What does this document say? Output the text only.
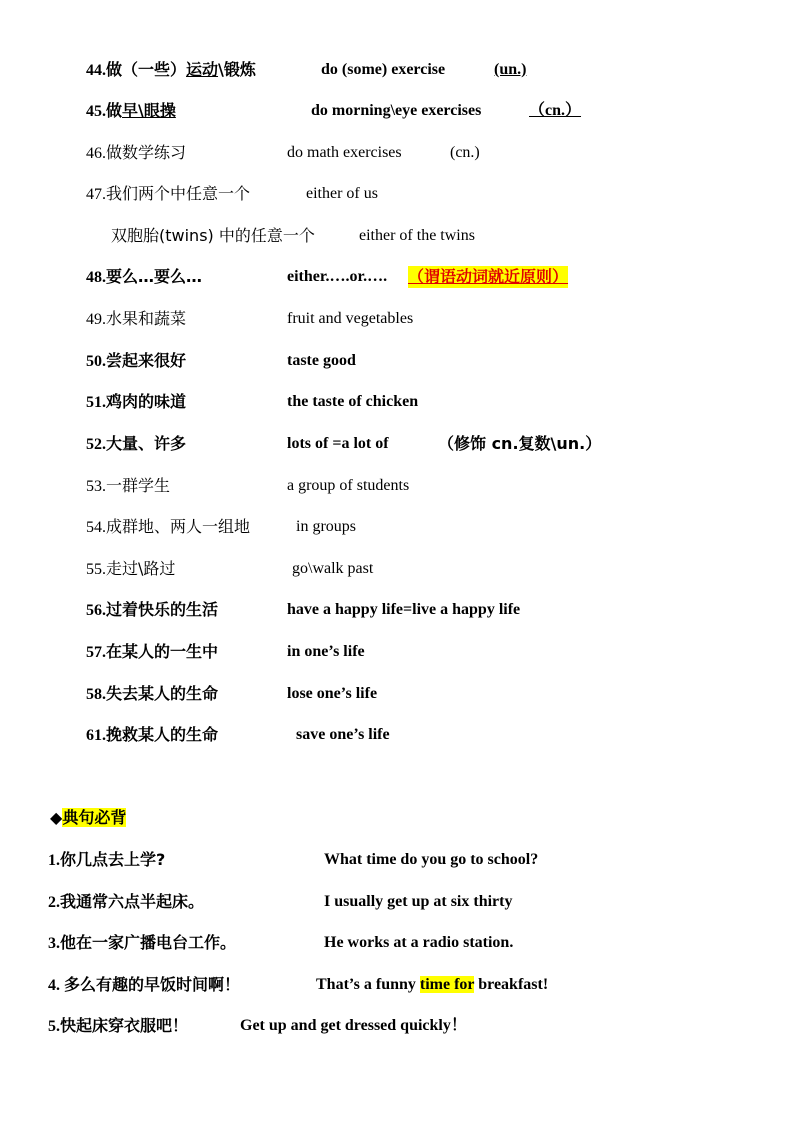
44.做（一些）运动\锻炼	do (some) exercise	(un.)
45.做早\眼操	do morning\eye exercises	（cn.）
46.做数学练习	do math exercises	(cn.)
47.我们两个中任意一个	either of us
双胞胎(twins) 中的任意一个	either of the twins
48.要么…要么…	either.….or.…. （谓语动词就近原则）
49.水果和蔬菜	fruit and vegetables
50.尝起来很好	taste good
51.鸡肉的味道	the taste of chicken
52.大量、许多	lots of =a lot of	（修饰 cn.复数\un.）
53.一群学生	a group of students
54.成群地、两人一组地	in groups
55.走过\路过	go\walk past
56.过着快乐的生活	have a happy life=live a happy life
57.在某人的一生中	in one’s life
58.失去某人的生命	lose one’s life
61.挽救某人的生命	save one’s life
◆典句必背
1.你几点去上学?	What time do you go to school?
2.我通常六点半起床。	I usually get up at six thirty
3.他在一家广播电台工作。	He works at a radio station.
4. 多么有趣的早饭时间啊！	That’s a funny time for breakfast!
5.快起床穿衣服吧！	Get up and get dressed quickly！
